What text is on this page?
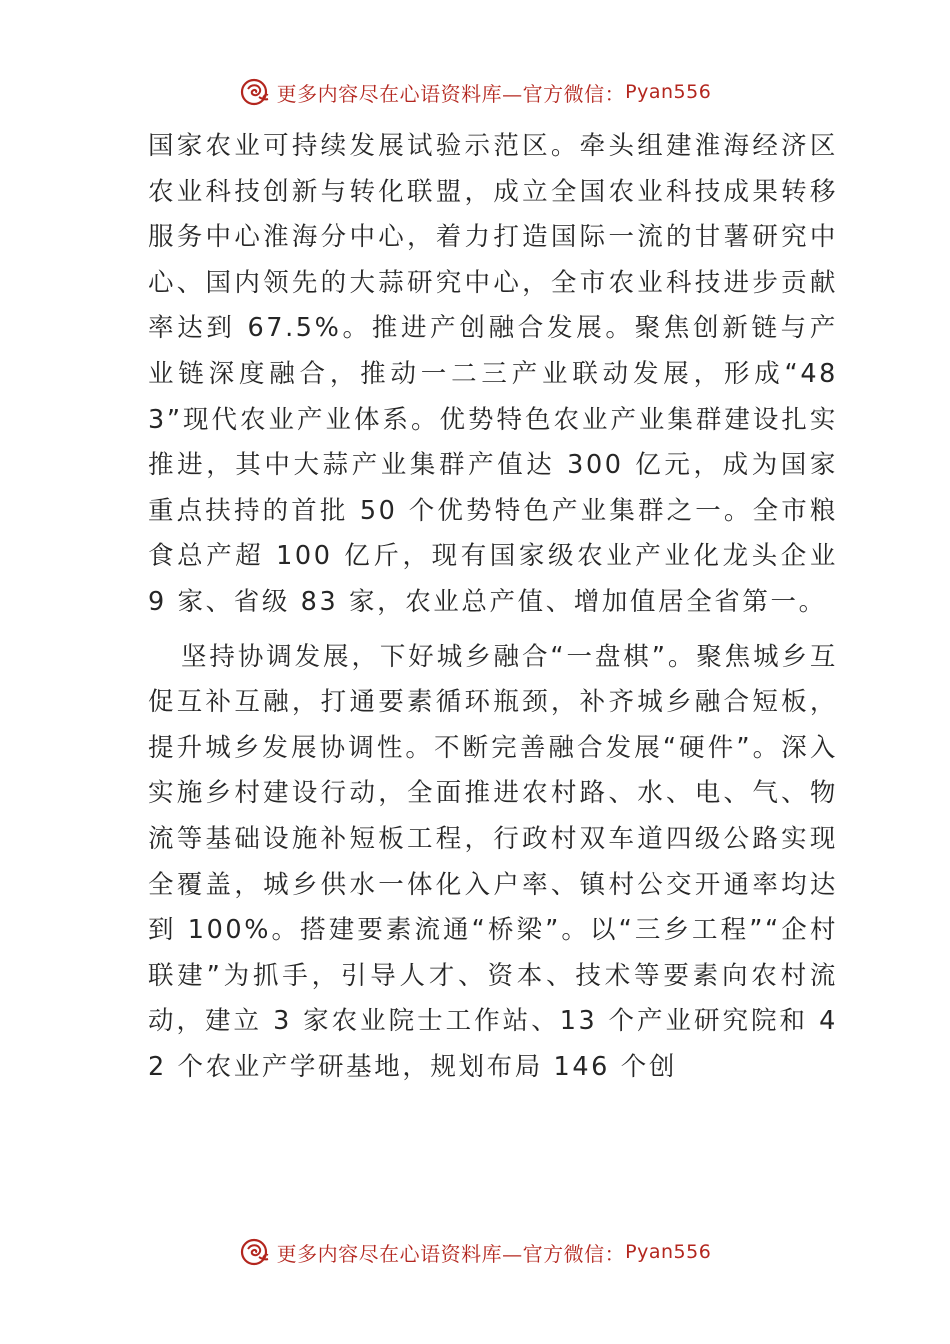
更多内容尽在心语资料库—官方微信： Pyan556

国家农业可持续发展试验示范区。牵头组建淮海经济区农业科技创新与转化联盟，成立全国农业科技成果转移服务中心淮海分中心，着力打造国际一流的甘薯研究中心、国内领先的大蒜研究中心，全市农业科技进步贡献率达到 67.5%。推进产创融合发展。聚焦创新链与产业链深度融合，推动一二三产业联动发展，形成“483”现代农业产业体系。优势特色农业产业集群建设扎实推进，其中大蒜产业集群产值达 300 亿元，成为国家重点扶持的首批 50 个优势特色产业集群之一。全市粮食总产超 100 亿斤，现有国家级农业产业化龙头企业 9 家、省级 83 家，农业总产值、增加值居全省第一。

坚持协调发展，下好城乡融合“一盘棋”。聚焦城乡互促互补互融，打通要素循环瓶颈，补齐城乡融合短板，提升城乡发展协调性。不断完善融合发展“硬件”。深入实施乡村建设行动，全面推进农村路、水、电、气、物流等基础设施补短板工程，行政村双车道四级公路实现全覆盖，城乡供水一体化入户率、镇村公交开通率均达到 100%。搭建要素流通“桥梁”。以“三乡工程”“企村联建”为抓手，引导人才、资本、技术等要素向农村流动，建立 3 家农业院士工作站、13 个产业研究院和 42 个农业产学研基地，规划布局 146 个创

更多内容尽在心语资料库—官方微信： Pyan556
